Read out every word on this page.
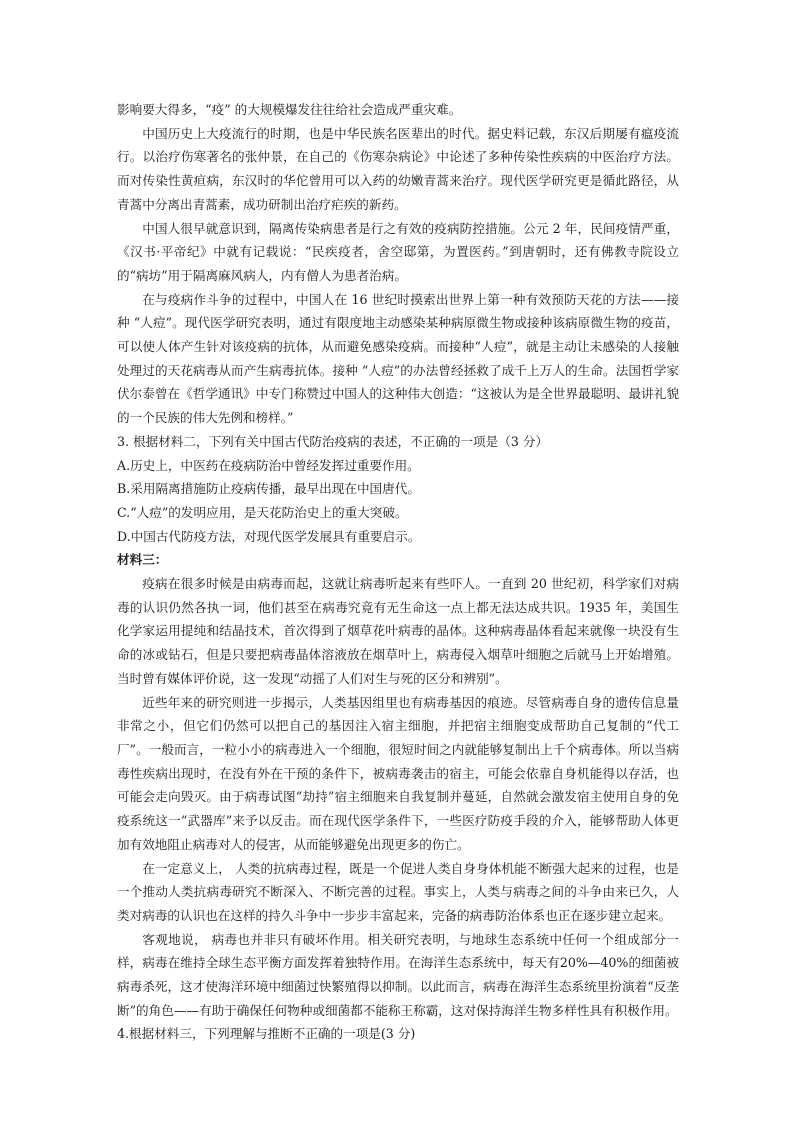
影响要大得多，“疫” 的大规模爆发往往给社会造成严重灾难。

中国历史上大疫流行的时期，也是中华民族名医辈出的时代。据史料记载，东汉后期屡有瘟疫流行。以治疗伤寒著名的张仲景，在自己的《伤寒杂病论》中论述了多种传染性疾病的中医治疗方法。而对传染性黄疸病，东汉时的华佗曾用可以入药的幼嫩青蒿来治疗。现代医学研究更是循此路径，从青蒿中分离出青蒿素，成功研制出治疗疟疾的新药。

中国人很早就意识到，隔离传染病患者是行之有效的疫病防控措施。公元 2 年，民间疫情严重，《汉书·平帝纪》中就有记载说：“民疾疫者，舍空邸第，为置医药。”到唐朝时，还有佛教寺院设立的“病坊”用于隔离麻风病人，内有僧人为患者治病。

在与疫病作斗争的过程中，中国人在 16 世纪时摸索出世界上第一种有效预防天花的方法——接种 “人痘”。现代医学研究表明，通过有限度地主动感染某种病原微生物或接种该病原微生物的疫苗，可以使人体产生针对该疫病的抗体，从而避免感染疫病。而接种“人痘”，就是主动让未感染的人接触处理过的天花病毒从而产生病毒抗体。接种 “人痘”的办法曾经拯救了成千上万人的生命。法国哲学家伏尔泰曾在《哲学通讯》中专门称赞过中国人的这种伟大创造：“这被认为是全世界最聪明、最讲礼貌的一个民族的伟大先例和榜样。”

3. 根据材料二，下列有关中国古代防治疫病的表述，不正确的一项是（3 分）

A.历史上，中医药在疫病防治中曾经发挥过重要作用。

B.采用隔离措施防止疫病传播，最早出现在中国唐代。

C.“人痘”的发明应用，是天花防治史上的重大突破。

D.中国古代防疫方法，对现代医学发展具有重要启示。

材料三：

疫病在很多时候是由病毒而起，这就让病毒听起来有些吓人。一直到 20 世纪初，科学家们对病毒的认识仍然各执一词，他们甚至在病毒究竟有无生命这一点上都无法达成共识。1935 年，美国生化学家运用提纯和结晶技术，首次得到了烟草花叶病毒的晶体。这种病毒晶体看起来就像一块没有生命的冰或钻石，但是只要把病毒晶体溶液放在烟草叶上，病毒侵入烟草叶细胞之后就马上开始增殖。当时曾有媒体评价说，这一发现“动摇了人们对生与死的区分和辨别”。

近些年来的研究则进一步揭示，人类基因组里也有病毒基因的痕迹。尽管病毒自身的遗传信息量非常之小，但它们仍然可以把自己的基因注入宿主细胞，并把宿主细胞变成帮助自己复制的“代工厂”。一般而言，一粒小小的病毒进入一个细胞，很短时间之内就能够复制出上千个病毒体。所以当病毒性疾病出现时，在没有外在干预的条件下，被病毒袭击的宿主，可能会依靠自身机能得以存活，也可能会走向毁灭。由于病毒试图“劫持”宿主细胞来自我复制并蔓延，自然就会激发宿主使用自身的免疫系统这一“武器库”来予以反击。而在现代医学条件下，一些医疗防疫手段的介入，能够帮助人体更加有效地阻止病毒对人的侵害，从而能够避免出现更多的伤亡。

在一定意义上， 人类的抗病毒过程，既是一个促进人类自身身体机能不断强大起来的过程，也是一个推动人类抗病毒研究不断深入、不断完善的过程。事实上，人类与病毒之间的斗争由来已久，人类对病毒的认识也在这样的持久斗争中一步步丰富起来，完备的病毒防治体系也正在逐步建立起来。

客观地说， 病毒也并非只有破坏作用。相关研究表明，与地球生态系统中任何一个组成部分一样，病毒在维持全球生态平衡方面发挥着独特作用。在海洋生态系统中，每天有20%—40%的细菌被病毒杀死，这才使海洋环境中细菌过快繁殖得以抑制。以此而言，病毒在海洋生态系统里扮演着“反垄断”的角色——有助于确保任何物种或细菌都不能称王称霸，这对保持海洋生物多样性具有积极作用。

4.根据材料三，下列理解与推断不正确的一项是(3 分)
